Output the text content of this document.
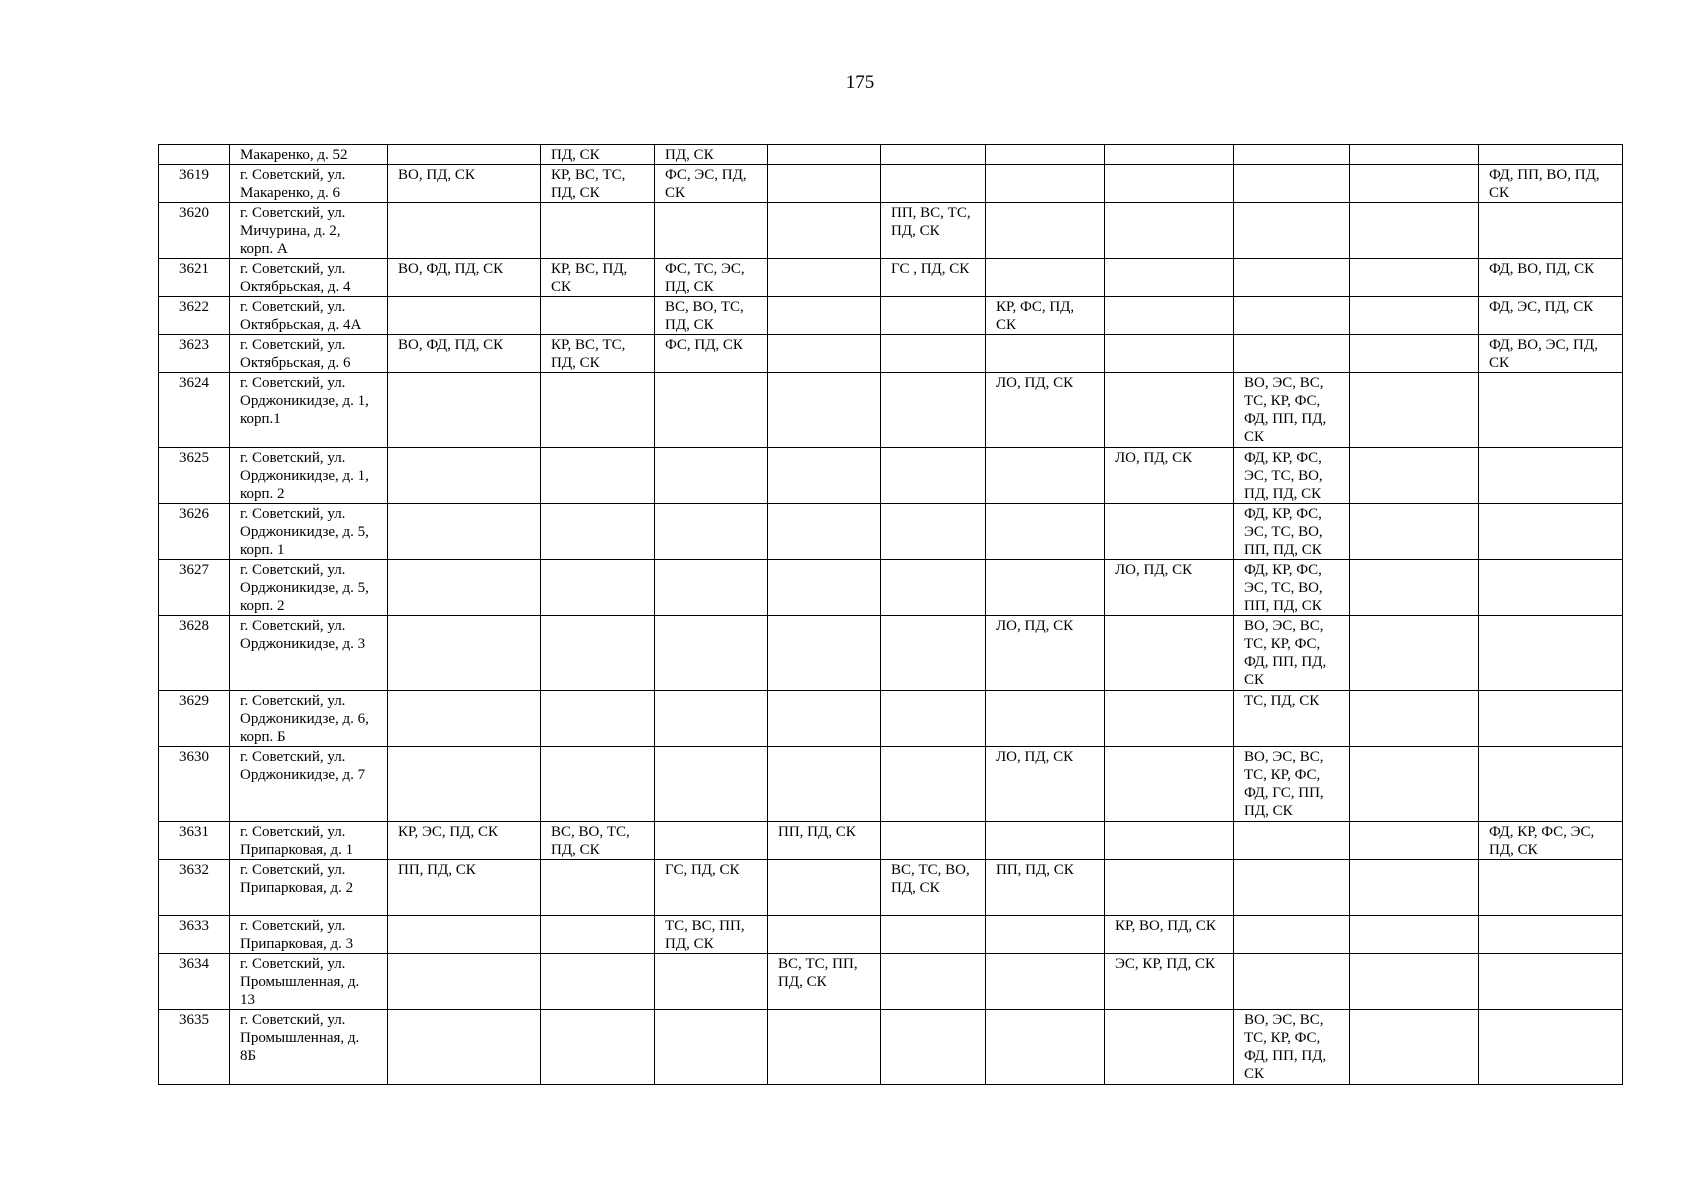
175
	Макаренко, д. 52		ПД, СК	ПД, СК							
3619	г. Советский, ул. Макаренко, д. 6	ВО, ПД, СК	КР, ВС, ТС, ПД, СК	ФС, ЭС, ПД, СК							ФД, ПП, ВО, ПД, СК
3620	г. Советский, ул. Мичурина, д. 2, корп. А					ПП, ВС, ТС, ПД, СК					
3621	г. Советский, ул. Октябрьская, д. 4	ВО, ФД, ПД, СК	КР, ВС, ПД, СК	ФС, ТС, ЭС, ПД, СК		ГС , ПД, СК					ФД, ВО, ПД, СК
3622	г. Советский, ул. Октябрьская, д. 4А			ВС, ВО, ТС, ПД, СК			КР, ФС, ПД, СК				ФД, ЭС, ПД, СК
3623	г. Советский, ул. Октябрьская, д. 6	ВО, ФД, ПД, СК	КР, ВС, ТС, ПД, СК	ФС, ПД, СК							ФД, ВО, ЭС, ПД, СК
3624	г. Советский, ул. Орджоникидзе, д. 1, корп.1						ЛО, ПД, СК		ВО, ЭС, ВС, ТС, КР, ФС, ФД, ПП, ПД, СК		
3625	г. Советский, ул. Орджоникидзе, д. 1, корп. 2							ЛО, ПД, СК	ФД, КР, ФС, ЭС, ТС, ВО, ПД, ПД, СК		
3626	г. Советский, ул. Орджоникидзе, д. 5, корп. 1								ФД, КР, ФС, ЭС, ТС, ВО, ПП, ПД, СК		
3627	г. Советский, ул. Орджоникидзе, д. 5, корп. 2							ЛО, ПД, СК	ФД, КР, ФС, ЭС, ТС, ВО, ПП, ПД, СК		
3628	г. Советский, ул. Орджоникидзе, д. 3						ЛО, ПД, СК		ВО, ЭС, ВС, ТС, КР, ФС, ФД, ПП, ПД, СК		
3629	г. Советский, ул. Орджоникидзе, д. 6, корп. Б								ТС, ПД, СК		
3630	г. Советский, ул. Орджоникидзе, д. 7						ЛО, ПД, СК		ВО, ЭС, ВС, ТС, КР, ФС, ФД, ГС, ПП, ПД, СК		
3631	г. Советский, ул. Припарковая, д. 1	КР, ЭС, ПД, СК	ВС, ВО, ТС, ПД, СК		ПП, ПД, СК						ФД, КР, ФС, ЭС, ПД, СК
3632	г. Советский, ул. Припарковая, д. 2	ПП, ПД, СК		ГС, ПД, СК		ВС, ТС, ВО, ПД, СК	ПП, ПД, СК				
3633	г. Советский, ул. Припарковая, д. 3			ТС, ВС, ПП, ПД, СК				КР, ВО, ПД, СК			
3634	г. Советский, ул. Промышленная, д. 13				ВС, ТС, ПП, ПД, СК			ЭС, КР, ПД, СК			
3635	г. Советский, ул. Промышленная, д. 8Б								ВО, ЭС, ВС, ТС, КР, ФС, ФД, ПП, ПД, СК		
